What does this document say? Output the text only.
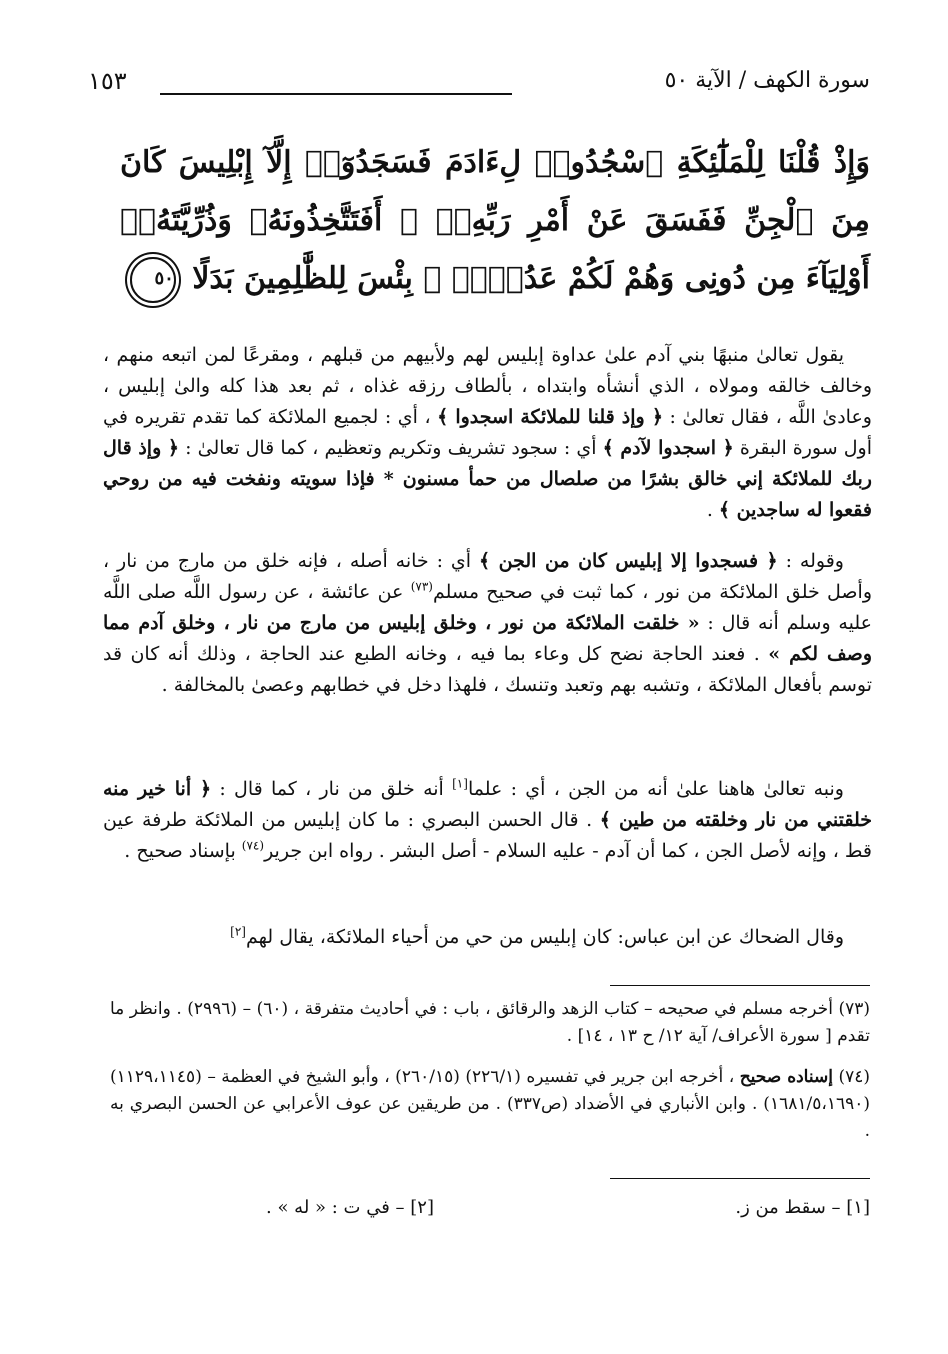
سورة الكهف / الآية ٥٠
١٥٣
وَإِذْ قُلْنَا لِلْمَلَٰٓئِكَةِ ٱسْجُدُوا۟ لِءَادَمَ فَسَجَدُوٓا۟ إِلَّآ إِبْلِيسَ كَانَ مِنَ ٱلْجِنِّ فَفَسَقَ عَنْ أَمْرِ رَبِّهِۦٓ ۗ أَفَتَتَّخِذُونَهُۥ وَذُرِّيَّتَهُۥٓ أَوْلِيَآءَ مِن دُونِى وَهُمْ لَكُمْ عَدُوٌّۢ ۚ بِئْسَ لِلظَّٰلِمِينَ بَدَلًا ٥٠
يقول تعالىٰ منبهًا بني آدم علىٰ عداوة إبليس لهم ولأبيهم من قبلهم ، ومقرعًا لمن اتبعه منهم ، وخالف خالقه ومولاه ، الذي أنشأه وابتداه ، بألطاف رزقه غذاه ، ثم بعد هذا كله والىٰ إبليس ، وعادىٰ اللَّه ، فقال تعالىٰ : ﴿ وإذ قلنا للملائكة اسجدوا ﴾ ، أي : لجميع الملائكة كما تقدم تقريره في أول سورة البقرة ﴿ اسجدوا لآدم ﴾ أي : سجود تشريف وتكريم وتعظيم ، كما قال تعالىٰ : ﴿ وإذ قال ربك للملائكة إني خالق بشرًا من صلصال من حمأ مسنون * فإذا سويته ونفخت فيه من روحي فقعوا له ساجدين ﴾ .
وقوله : ﴿ فسجدوا إلا إبليس كان من الجن ﴾ أي : خانه أصله ، فإنه خلق من مارج من نار ، وأصل خلق الملائكة من نور ، كما ثبت في صحيح مسلم$^{(٧٣)}$ عن عائشة ، عن رسول اللَّه صلى اللَّه عليه وسلم أنه قال : « خلقت الملائكة من نور ، وخلق إبليس من مارج من نار ، وخلق آدم مما وصف لكم » . فعند الحاجة نضح كل وعاء بما فيه ، وخانه الطبع عند الحاجة ، وذلك أنه كان قد توسم بأفعال الملائكة ، وتشبه بهم وتعبد وتنسك ، فلهذا دخل في خطابهم وعصىٰ بالمخالفة .
ونبه تعالىٰ هاهنا علىٰ أنه من الجن ، أي : علما[١] أنه خلق من نار ، كما قال : ﴿ أنا خير منه خلقتني من نار وخلقته من طين ﴾ . قال الحسن البصري : ما كان إبليس من الملائكة طرفة عين قط ، وإنه لأصل الجن ، كما أن آدم - عليه السلام - أصل البشر . رواه ابن جرير$^{(٧٤)}$ بإسناد صحيح .
وقال الضحاك عن ابن عباس: كان إبليس من حي من أحياء الملائكة، يقال لهم[٢]
(٧٣) أخرجه مسلم في صحيحه – كتاب الزهد والرقائق ، باب : في أحاديث متفرقة ، (٦٠) – (٢٩٩٦) . وانظر ما تقدم [ سورة الأعراف/ آية ١٢/ ح ١٣ ، ١٤] .
(٧٤) إسناده صحيح ، أخرجه ابن جرير في تفسيره (٢٢٦/١) (٢٦٠/١٥) ، وأبو الشيخ في العظمة – (١١٢٩،١١٤٥) (١٦٨١/٥،١٦٩٠) . وابن الأنباري في الأضداد (ص٣٣٧) . من طريقين عن عوف الأعرابي عن الحسن البصري به .
[١] – سقط من ز.
[٢] – في ت : « له » .
